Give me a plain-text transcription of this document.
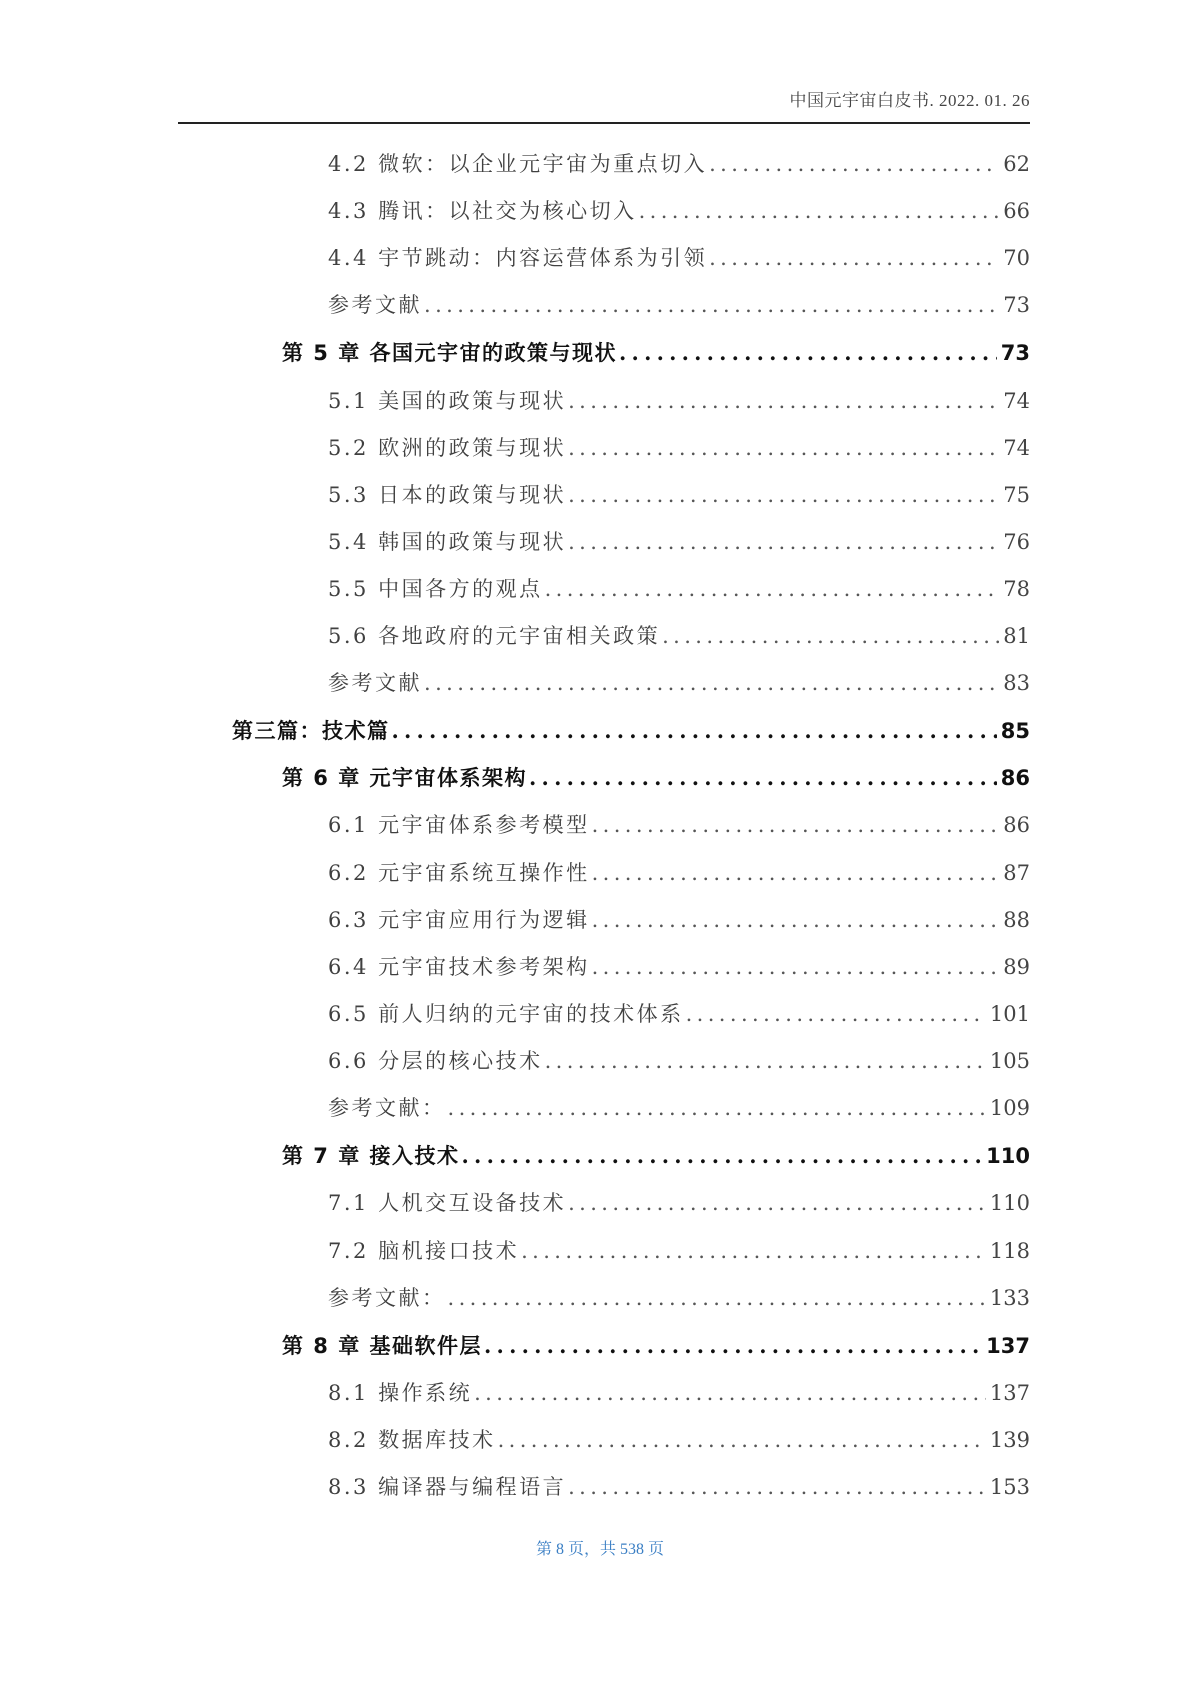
中国元宇宙白皮书. 2022. 01. 26
4.2 微软：以企业元宇宙为重点切入 .....	62
4.3 腾讯：以社交为核心切入 .....	66
4.4 宇节跳动：内容运营体系为引领 .....	70
参考文献 .....	73
第 5 章 各国元宇宙的政策与现状 .....	73
5.1 美国的政策与现状 .....	74
5.2 欧洲的政策与现状 .....	74
5.3 日本的政策与现状 .....	75
5.4 韩国的政策与现状 .....	76
5.5 中国各方的观点 .....	78
5.6 各地政府的元宇宙相关政策 .....	81
参考文献 .....	83
第三篇：技术篇 .....	85
第 6 章 元宇宙体系架构 .....	86
6.1 元宇宙体系参考模型 .....	86
6.2 元宇宙系统互操作性 .....	87
6.3 元宇宙应用行为逻辑 .....	88
6.4 元宇宙技术参考架构 .....	89
6.5 前人归纳的元宇宙的技术体系 .....	101
6.6 分层的核心技术 .....	105
参考文献： .....	109
第 7 章 接入技术 .....	110
7.1 人机交互设备技术 .....	110
7.2 脑机接口技术 .....	118
参考文献： .....	133
第 8 章 基础软件层 .....	137
8.1 操作系统 .....	137
8.2 数据库技术 .....	139
8.3 编译器与编程语言 .....	153
第 8 页，共 538 页
